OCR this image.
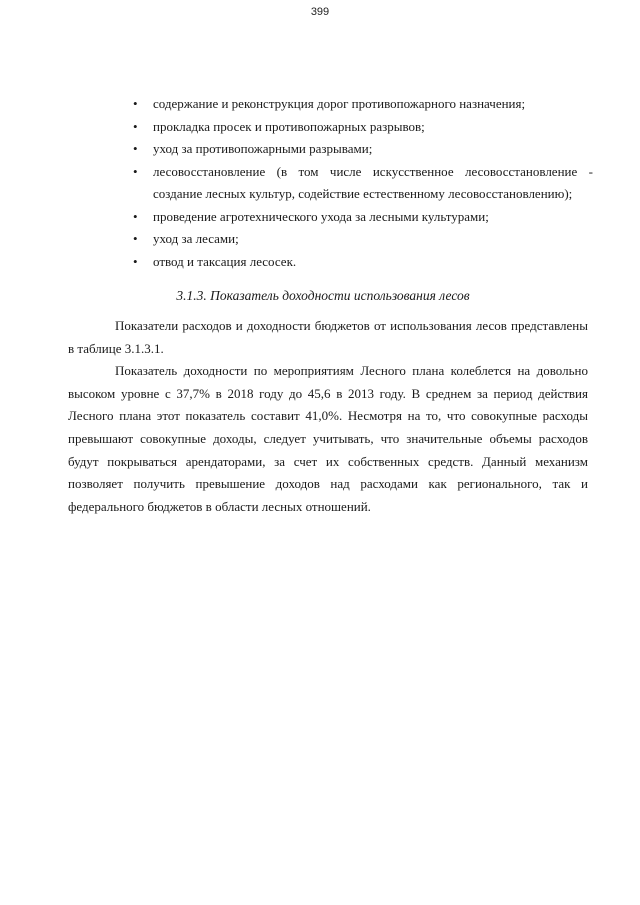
399
• содержание и реконструкция дорог противопожарного назначения;
• прокладка просек и противопожарных разрывов;
• уход за противопожарными разрывами;
• лесовосстановление (в том числе искусственное лесовосстановление - создание лесных культур, содействие естественному лесовосстановлению);
• проведение агротехнического ухода за лесными культурами;
• уход за лесами;
• отвод и таксация лесосек.
3.1.3. Показатель доходности использования лесов

Показатели расходов и доходности бюджетов от использования лесов представлены в таблице 3.1.3.1.

Показатель доходности по мероприятиям Лесного плана колеблется на довольно высоком уровне с 37,7% в 2018 году до 45,6 в 2013 году. В среднем за период действия Лесного плана этот показатель составит 41,0%. Несмотря на то, что совокупные расходы превышают совокупные доходы, следует учитывать, что значительные объемы расходов будут покрываться арендаторами, за счет их собственных средств. Данный механизм позволяет получить превышение доходов над расходами как регионального, так и федерального бюджетов в области лесных отношений.
